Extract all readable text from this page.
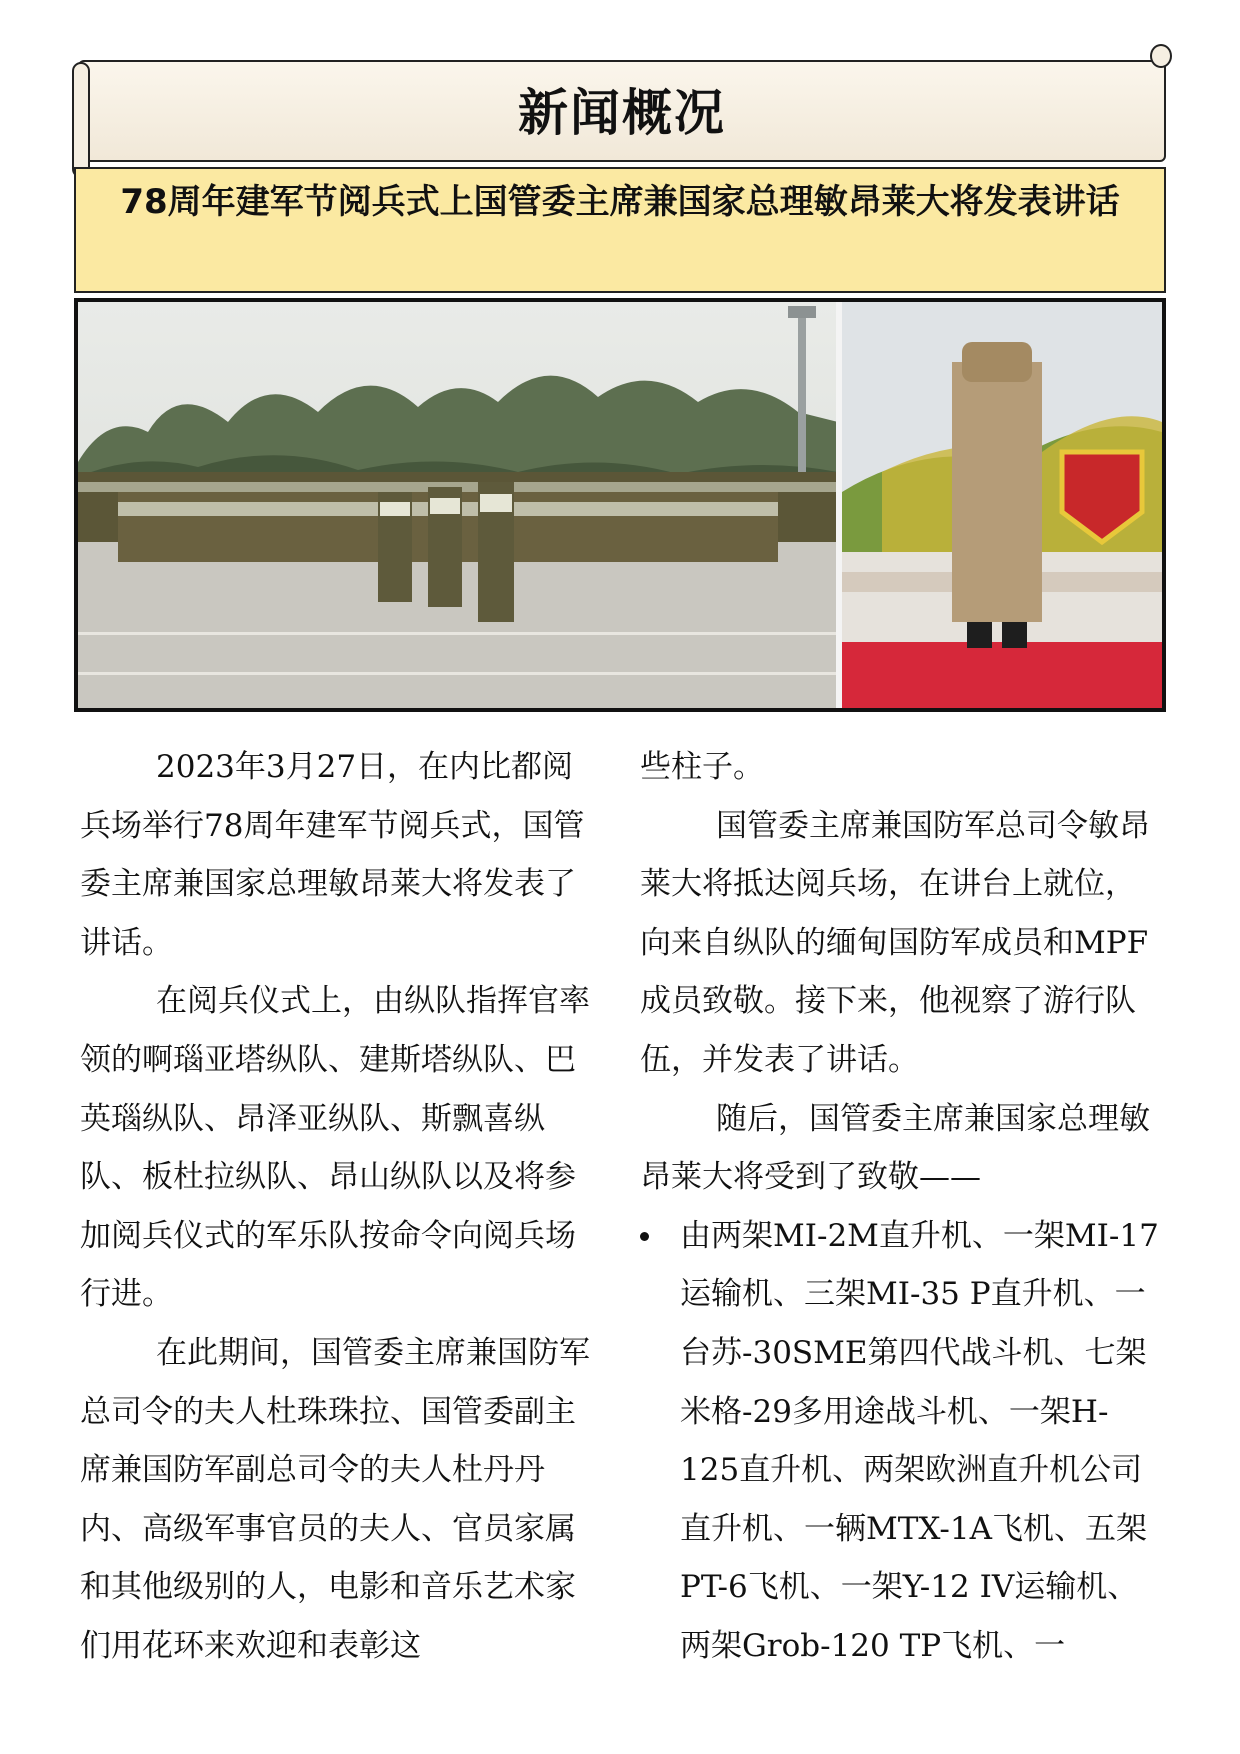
新闻概况
78周年建军节阅兵式上国管委主席兼国家总理敏昂莱大将发表讲话

2023年3月27日，在内比都阅兵场举行78周年建军节阅兵式，国管委主席兼国家总理敏昂莱大将发表了讲话。

在阅兵仪式上，由纵队指挥官率领的啊瑙亚塔纵队、建斯塔纵队、巴英瑙纵队、昂泽亚纵队、斯飘喜纵队、板杜拉纵队、昂山纵队以及将参加阅兵仪式的军乐队按命令向阅兵场行进。

在此期间，国管委主席兼国防军总司令的夫人杜珠珠拉、国管委副主席兼国防军副总司令的夫人杜丹丹内、高级军事官员的夫人、官员家属和其他级别的人，电影和音乐艺术家们用花环来欢迎和表彰这

些柱子。

国管委主席兼国防军总司令敏昂莱大将抵达阅兵场，在讲台上就位，向来自纵队的缅甸国防军成员和MPF成员致敬。接下来，他视察了游行队伍，并发表了讲话。

随后，国管委主席兼国家总理敏昂莱大将受到了致敬——

由两架MI-2M直升机、一架MI-17运输机、三架MI-35 P直升机、一台苏-30SME第四代战斗机、七架米格-29多用途战斗机、一架H-125直升机、两架欧洲直升机公司直升机、一辆MTX-1A飞机、五架PT-6飞机、一架Y-12 IV运输机、两架Grob-120 TP飞机、一
